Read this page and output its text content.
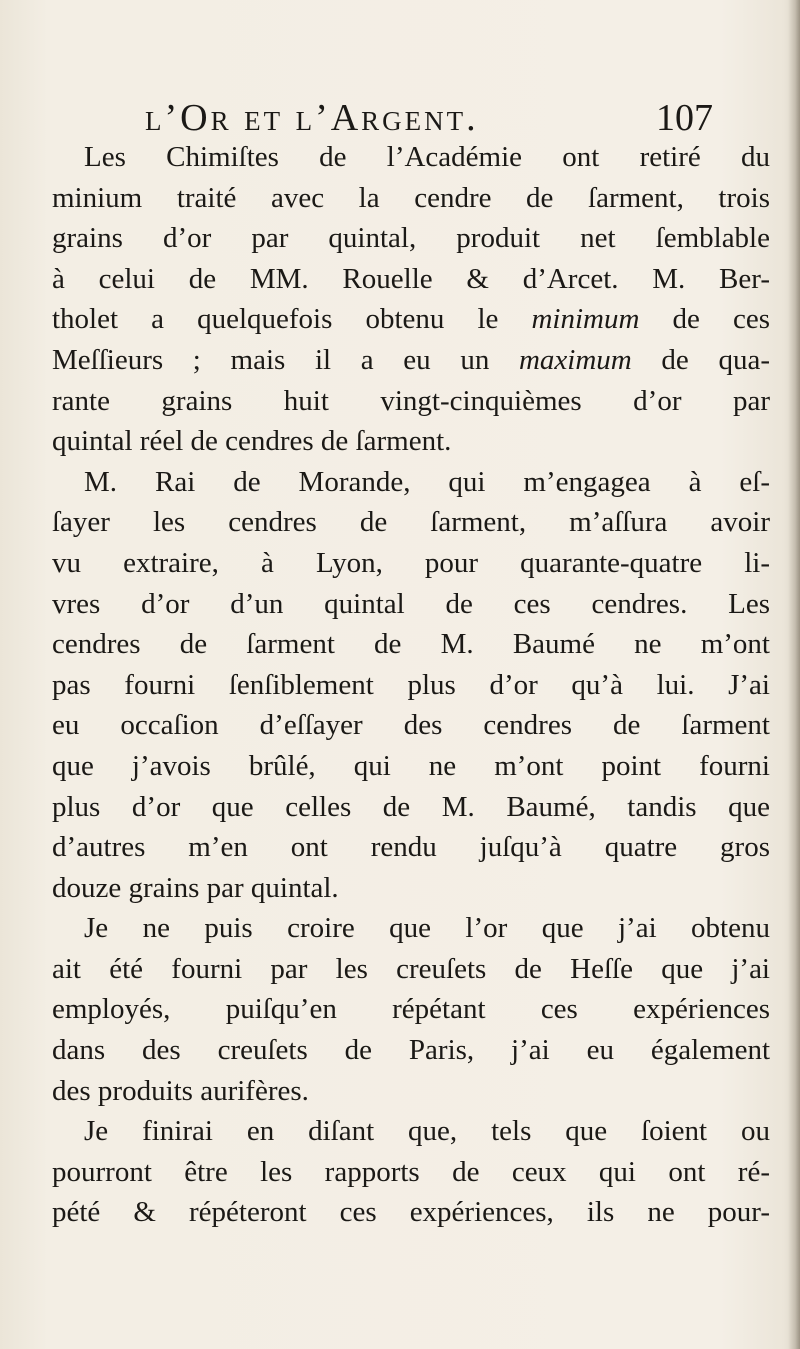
l’Or et l’Argent.	107
Les Chimiſtes de l’Académie ont retiré du
minium traité avec la cendre de ſarment, trois
grains d’or par quintal, produit net ſemblable
à celui de MM. Rouelle & d’Arcet. M. Ber-
tholet a quelquefois obtenu le minimum de ces
Meſſieurs ; mais il a eu un maximum de qua-
rante grains huit vingt-cinquièmes d’or par
quintal réel de cendres de ſarment.
M. Rai de Morande, qui m’engagea à eſ-
ſayer les cendres de ſarment, m’aſſura avoir
vu extraire, à Lyon, pour quarante-quatre li-
vres d’or d’un quintal de ces cendres. Les
cendres de ſarment de M. Baumé ne m’ont
pas fourni ſenſiblement plus d’or qu’à lui. J’ai
eu occaſion d’eſſayer des cendres de ſarment
que j’avois brûlé, qui ne m’ont point fourni
plus d’or que celles de M. Baumé, tandis que
d’autres m’en ont rendu juſqu’à quatre gros
douze grains par quintal.
Je ne puis croire que l’or que j’ai obtenu
ait été fourni par les creuſets de Heſſe que j’ai
employés, puiſqu’en répétant ces expériences
dans des creuſets de Paris, j’ai eu également
des produits aurifères.
Je finirai en diſant que, tels que ſoient ou
pourront être les rapports de ceux qui ont ré-
pété & répéteront ces expériences, ils ne pour-
